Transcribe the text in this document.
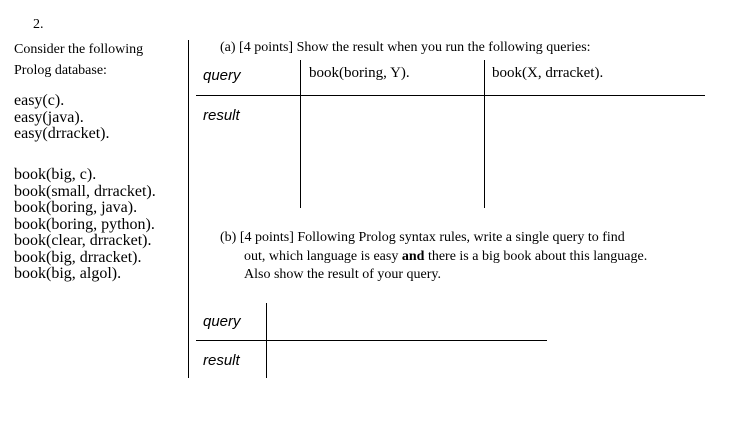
2.
Consider the following
Prolog database:
easy(c).
easy(java).
easy(drracket).
book(big, c).
book(small, drracket).
book(boring, java).
book(boring, python).
book(clear, drracket).
book(big, drracket).
book(big, algol).
(a) [4 points] Show the result when you run the following queries:
query	book(boring, Y).	book(X, drracket).
result
(b) [4 points] Following Prolog syntax rules, write a single query to find
out, which language is easy and there is a big book about this language.
Also show the result of your query.
query
result
